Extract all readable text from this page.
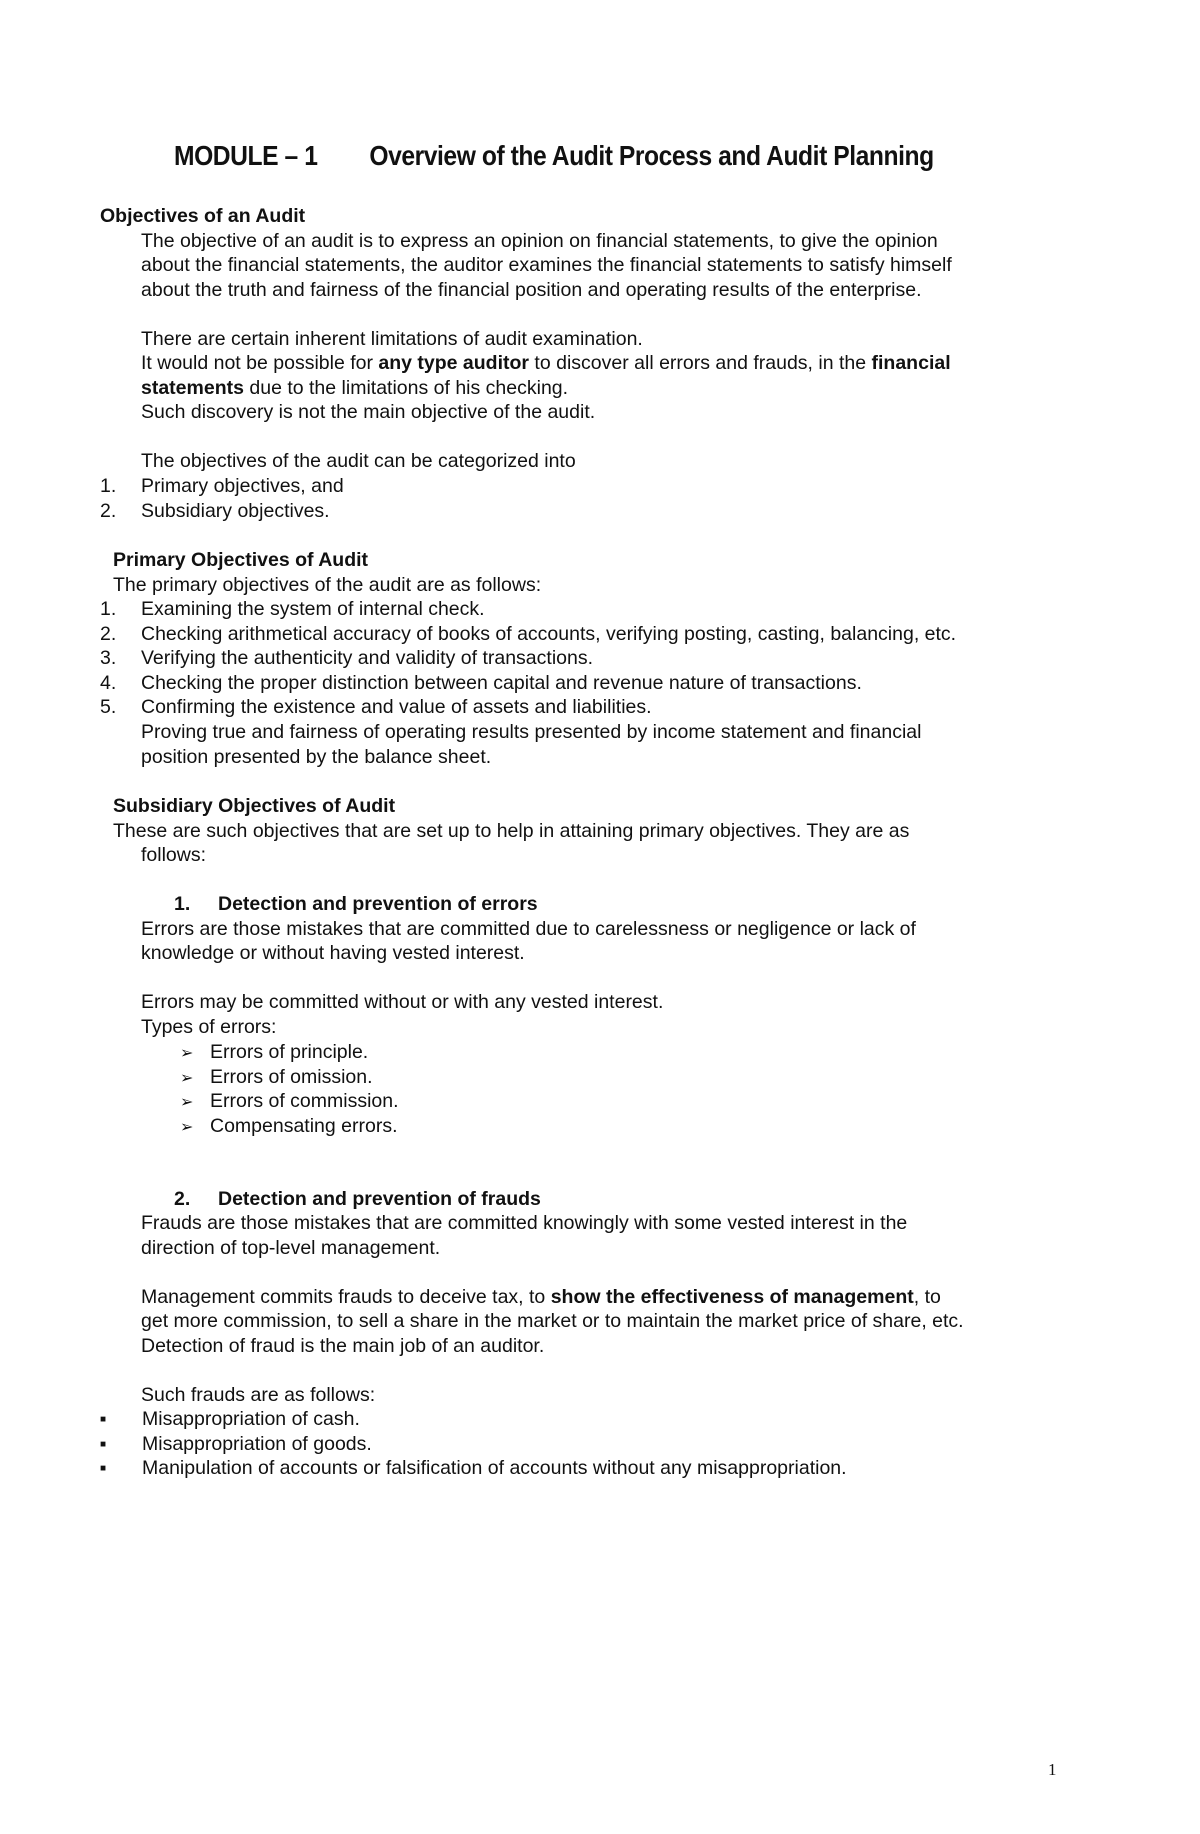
MODULE – 1 Overview of the Audit Process and Audit Planning
Objectives of an Audit
The objective of an audit is to express an opinion on financial statements, to give the opinion
about the financial statements, the auditor examines the financial statements to satisfy himself
about the truth and fairness of the financial position and operating results of the enterprise.
There are certain inherent limitations of audit examination.
It would not be possible for any type auditor to discover all errors and frauds, in the financial
statements due to the limitations of his checking.
Such discovery is not the main objective of the audit.
The objectives of the audit can be categorized into
1. Primary objectives, and
2. Subsidiary objectives.
Primary Objectives of Audit
The primary objectives of the audit are as follows:
1. Examining the system of internal check.
2. Checking arithmetical accuracy of books of accounts, verifying posting, casting, balancing, etc.
3. Verifying the authenticity and validity of transactions.
4. Checking the proper distinction between capital and revenue nature of transactions.
5. Confirming the existence and value of assets and liabilities.
Proving true and fairness of operating results presented by income statement and financial
position presented by the balance sheet.
Subsidiary Objectives of Audit
These are such objectives that are set up to help in attaining primary objectives. They are as
follows:
1. Detection and prevention of errors
Errors are those mistakes that are committed due to carelessness or negligence or lack of
knowledge or without having vested interest.
Errors may be committed without or with any vested interest.
Types of errors:
➢ Errors of principle.
➢ Errors of omission.
➢ Errors of commission.
➢ Compensating errors.
2. Detection and prevention of frauds
Frauds are those mistakes that are committed knowingly with some vested interest in the
direction of top-level management.
Management commits frauds to deceive tax, to show the effectiveness of management, to
get more commission, to sell a share in the market or to maintain the market price of share, etc.
Detection of fraud is the main job of an auditor.
Such frauds are as follows:
■ Misappropriation of cash.
■ Misappropriation of goods.
■ Manipulation of accounts or falsification of accounts without any misappropriation.
1
